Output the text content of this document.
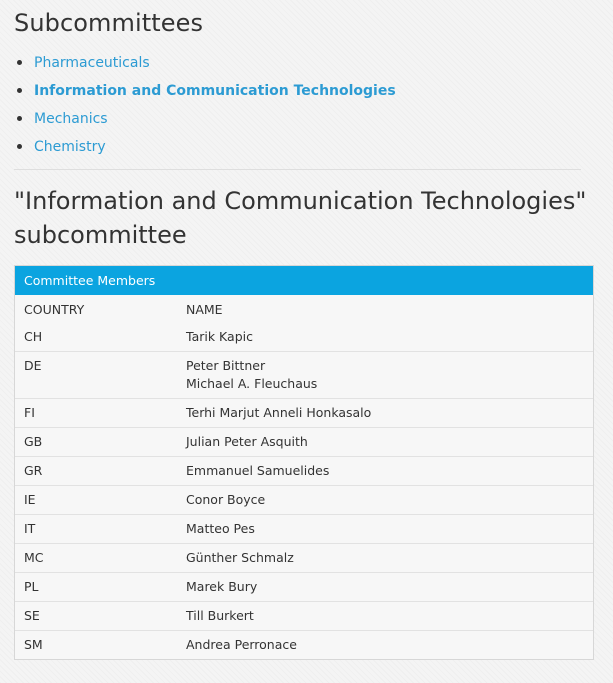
Subcommittees
Pharmaceuticals
Information and Communication Technologies
Mechanics
Chemistry
"Information and Communication Technologies" subcommittee
Committee Members
COUNTRY	NAME
CH	Tarik Kapic

DE	Peter Bittner
Michael A. Fleuchaus

FI	Terhi Marjut Anneli Honkasalo

GB	Julian Peter Asquith

GR	Emmanuel Samuelides

IE	Conor Boyce

IT	Matteo Pes

MC	Günther Schmalz

PL	Marek Bury

SE	Till Burkert

SM	Andrea Perronace
